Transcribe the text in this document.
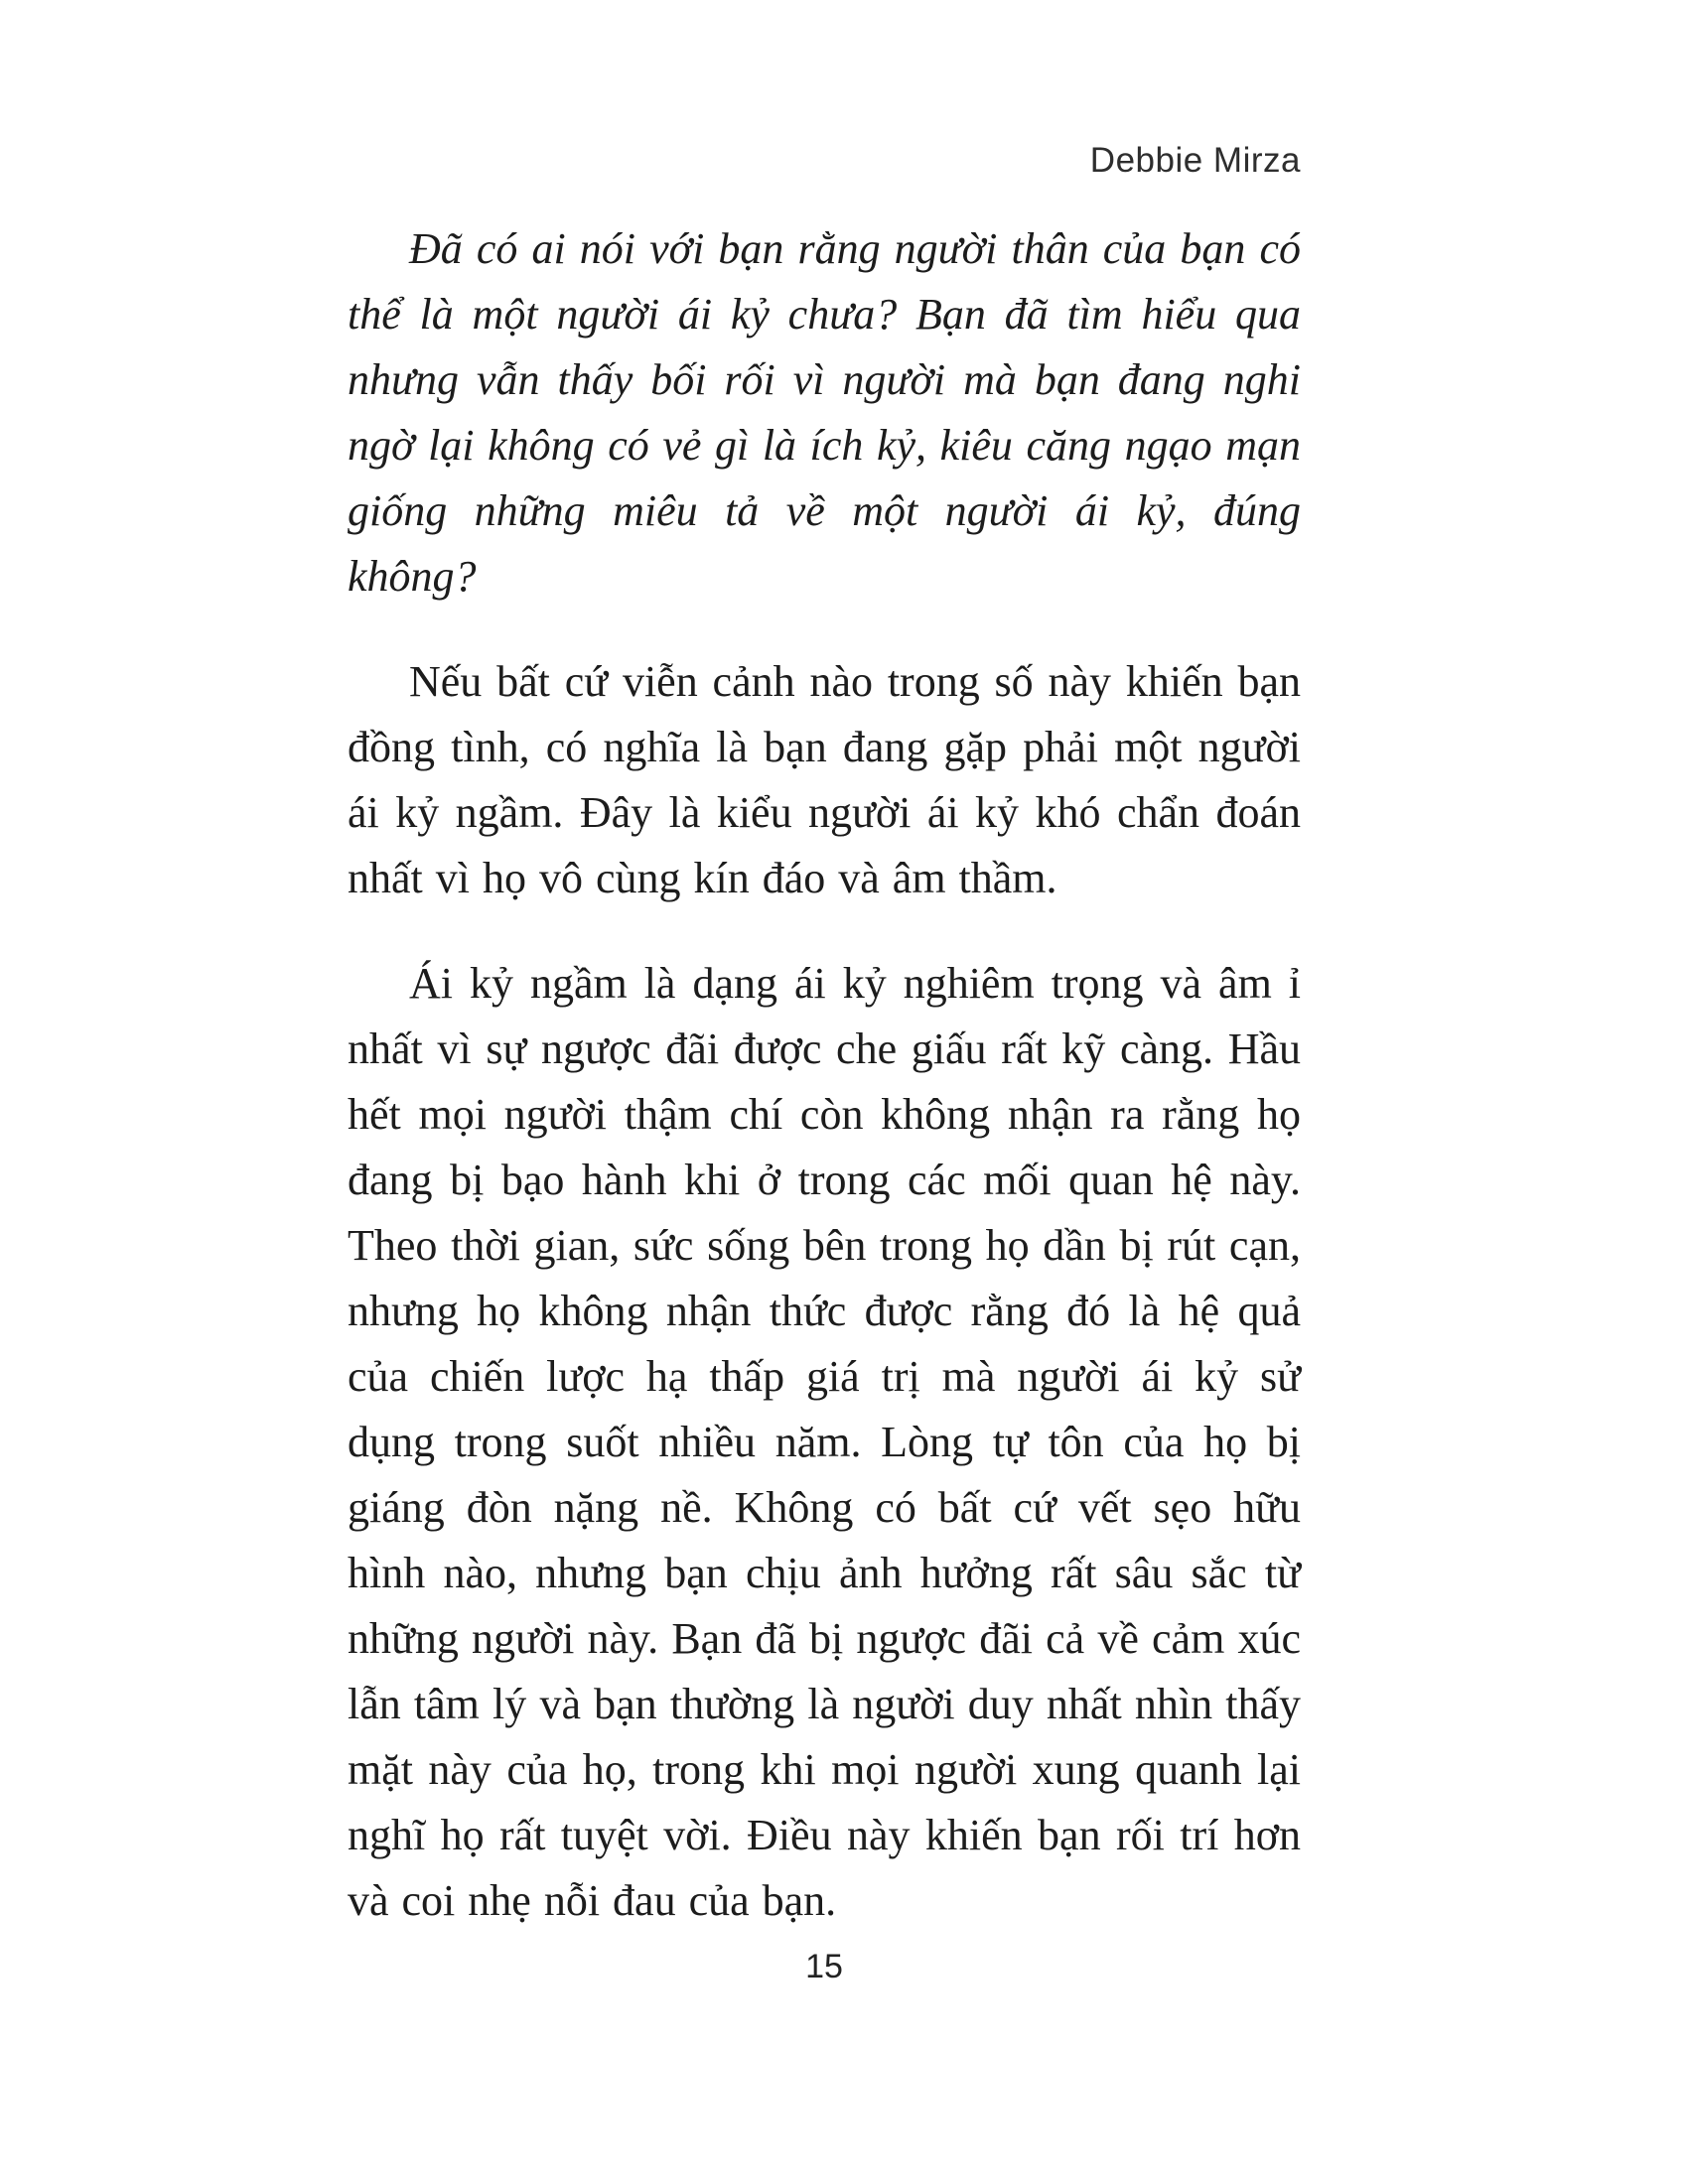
Debbie Mirza

Đã có ai nói với bạn rằng người thân của bạn có thể là một người ái kỷ chưa? Bạn đã tìm hiểu qua nhưng vẫn thấy bối rối vì người mà bạn đang nghi ngờ lại không có vẻ gì là ích kỷ, kiêu căng ngạo mạn giống những miêu tả về một người ái kỷ, đúng không?

Nếu bất cứ viễn cảnh nào trong số này khiến bạn đồng tình, có nghĩa là bạn đang gặp phải một người ái kỷ ngầm. Đây là kiểu người ái kỷ khó chẩn đoán nhất vì họ vô cùng kín đáo và âm thầm.

Ái kỷ ngầm là dạng ái kỷ nghiêm trọng và âm ỉ nhất vì sự ngược đãi được che giấu rất kỹ càng. Hầu hết mọi người thậm chí còn không nhận ra rằng họ đang bị bạo hành khi ở trong các mối quan hệ này. Theo thời gian, sức sống bên trong họ dần bị rút cạn, nhưng họ không nhận thức được rằng đó là hệ quả của chiến lược hạ thấp giá trị mà người ái kỷ sử dụng trong suốt nhiều năm. Lòng tự tôn của họ bị giáng đòn nặng nề. Không có bất cứ vết sẹo hữu hình nào, nhưng bạn chịu ảnh hưởng rất sâu sắc từ những người này. Bạn đã bị ngược đãi cả về cảm xúc lẫn tâm lý và bạn thường là người duy nhất nhìn thấy mặt này của họ, trong khi mọi người xung quanh lại nghĩ họ rất tuyệt vời. Điều này khiến bạn rối trí hơn và coi nhẹ nỗi đau của bạn.

15
